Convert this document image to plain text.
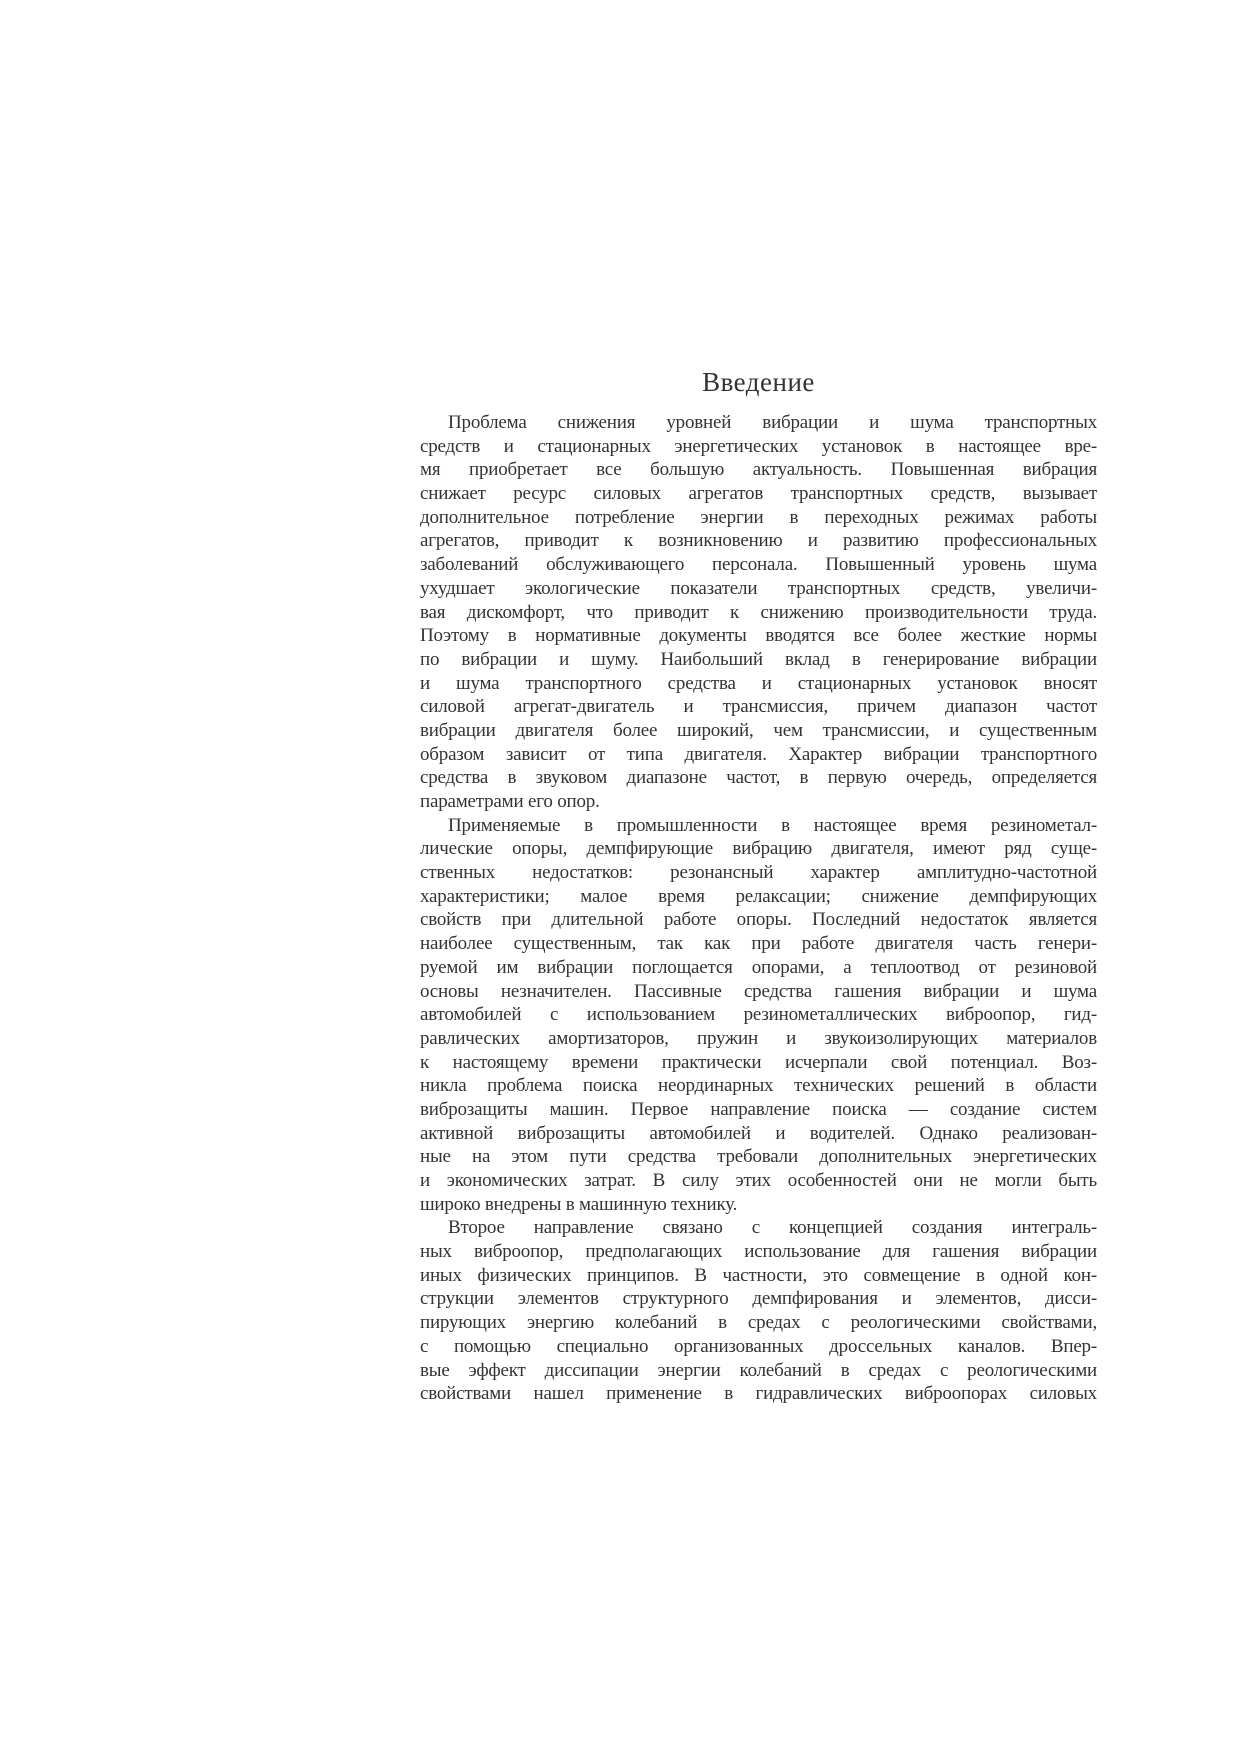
Введение
Проблема снижения уровней вибрации и шума транспортных
средств и стационарных энергетических установок в настоящее вре-
мя приобретает все большую актуальность. Повышенная вибрация
снижает ресурс силовых агрегатов транспортных средств, вызывает
дополнительное потребление энергии в переходных режимах работы
агрегатов, приводит к возникновению и развитию профессиональных
заболеваний обслуживающего персонала. Повышенный уровень шума
ухудшает экологические показатели транспортных средств, увеличи-
вая дискомфорт, что приводит к снижению производительности труда.
Поэтому в нормативные документы вводятся все более жесткие нормы
по вибрации и шуму. Наибольший вклад в генерирование вибрации
и шума транспортного средства и стационарных установок вносят
силовой агрегат-двигатель и трансмиссия, причем диапазон частот
вибрации двигателя более широкий, чем трансмиссии, и существенным
образом зависит от типа двигателя. Характер вибрации транспортного
средства в звуковом диапазоне частот, в первую очередь, определяется
параметрами его опор.
Применяемые в промышленности в настоящее время резинометал-
лические опоры, демпфирующие вибрацию двигателя, имеют ряд суще-
ственных недостатков: резонансный характер амплитудно-частотной
характеристики; малое время релаксации; снижение демпфирующих
свойств при длительной работе опоры. Последний недостаток является
наиболее существенным, так как при работе двигателя часть генери-
руемой им вибрации поглощается опорами, а теплоотвод от резиновой
основы незначителен. Пассивные средства гашения вибрации и шума
автомобилей с использованием резинометаллических виброопор, гид-
равлических амортизаторов, пружин и звукоизолирующих материалов
к настоящему времени практически исчерпали свой потенциал. Воз-
никла проблема поиска неординарных технических решений в области
виброзащиты машин. Первое направление поиска — создание систем
активной виброзащиты автомобилей и водителей. Однако реализован-
ные на этом пути средства требовали дополнительных энергетических
и экономических затрат. В силу этих особенностей они не могли быть
широко внедрены в машинную технику.
Второе направление связано с концепцией создания интеграль-
ных виброопор, предполагающих использование для гашения вибрации
иных физических принципов. В частности, это совмещение в одной кон-
струкции элементов структурного демпфирования и элементов, дисси-
пирующих энергию колебаний в средах с реологическими свойствами,
с помощью специально организованных дроссельных каналов. Впер-
вые эффект диссипации энергии колебаний в средах с реологическими
свойствами нашел применение в гидравлических виброопорах силовых
